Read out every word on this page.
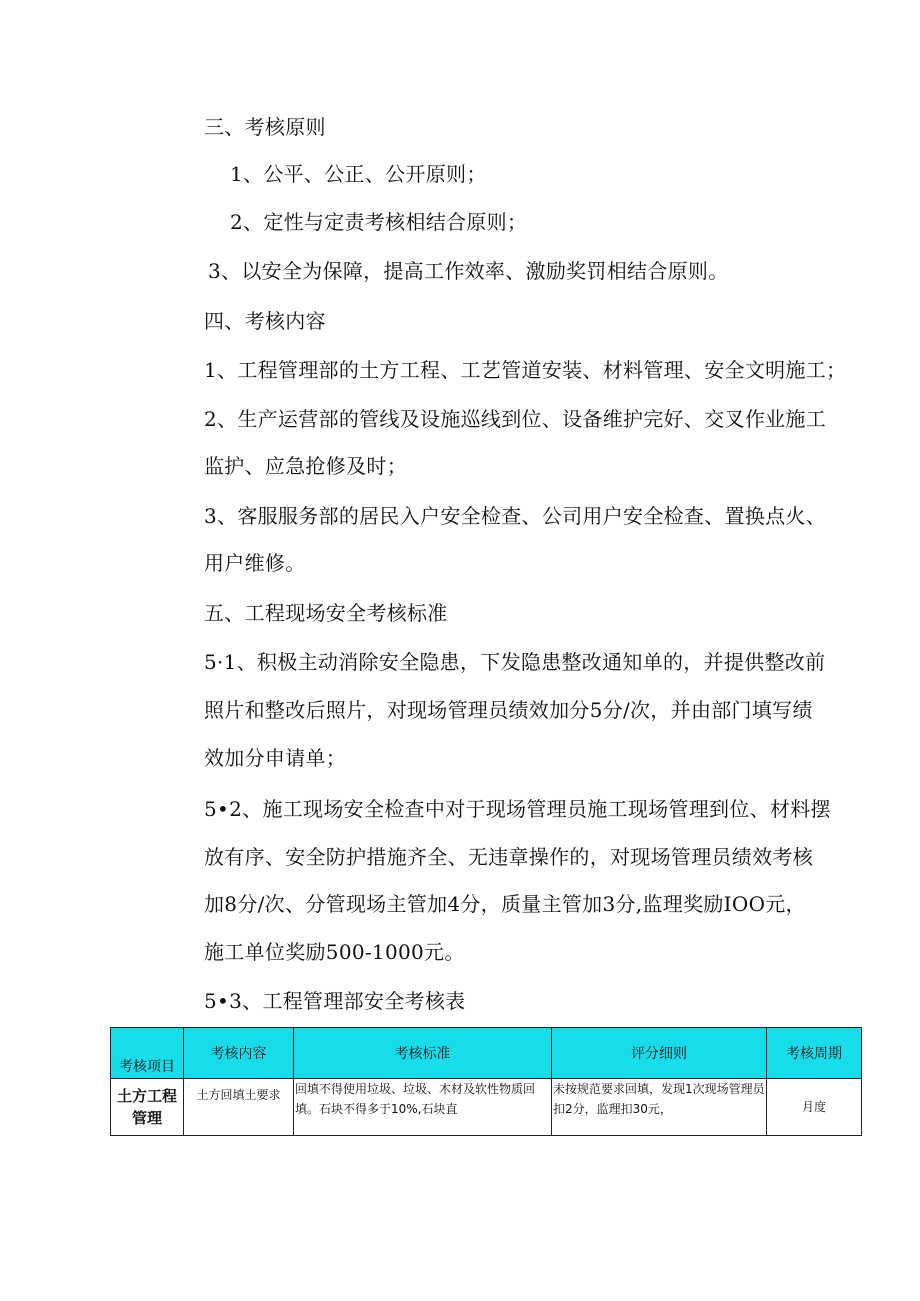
三、考核原则
1、公平、公正、公开原则；
2、定性与定责考核相结合原则；
3、以安全为保障，提高工作效率、激励奖罚相结合原则。
四、考核内容
1、工程管理部的土方工程、工艺管道安装、材料管理、安全文明施工；
2、生产运营部的管线及设施巡线到位、设备维护完好、交叉作业施工
监护、应急抢修及时；
3、客服服务部的居民入户安全检查、公司用户安全检查、置换点火、
用户维修。
五、工程现场安全考核标准
5·1、积极主动消除安全隐患，下发隐患整改通知单的，并提供整改前
照片和整改后照片，对现场管理员绩效加分5分/次，并由部门填写绩
效加分申请单；
5•2、施工现场安全检查中对于现场管理员施工现场管理到位、材料摆
放有序、安全防护措施齐全、无违章操作的，对现场管理员绩效考核
加8分/次、分管现场主管加4分，质量主管加3分,监理奖励IOO元，
施工单位奖励500-1000元。
5•3、工程管理部安全考核表
考核项目	考核内容	考核标准	评分细则	考核周期
土方工程管理	土方回填土要求	回填不得使用垃圾、垃圾、木材及软性物质回填。石块不得多于10%,石块直	未按规范要求回填，发现1次现场管理员扣2分，监理扣30元，	月度
